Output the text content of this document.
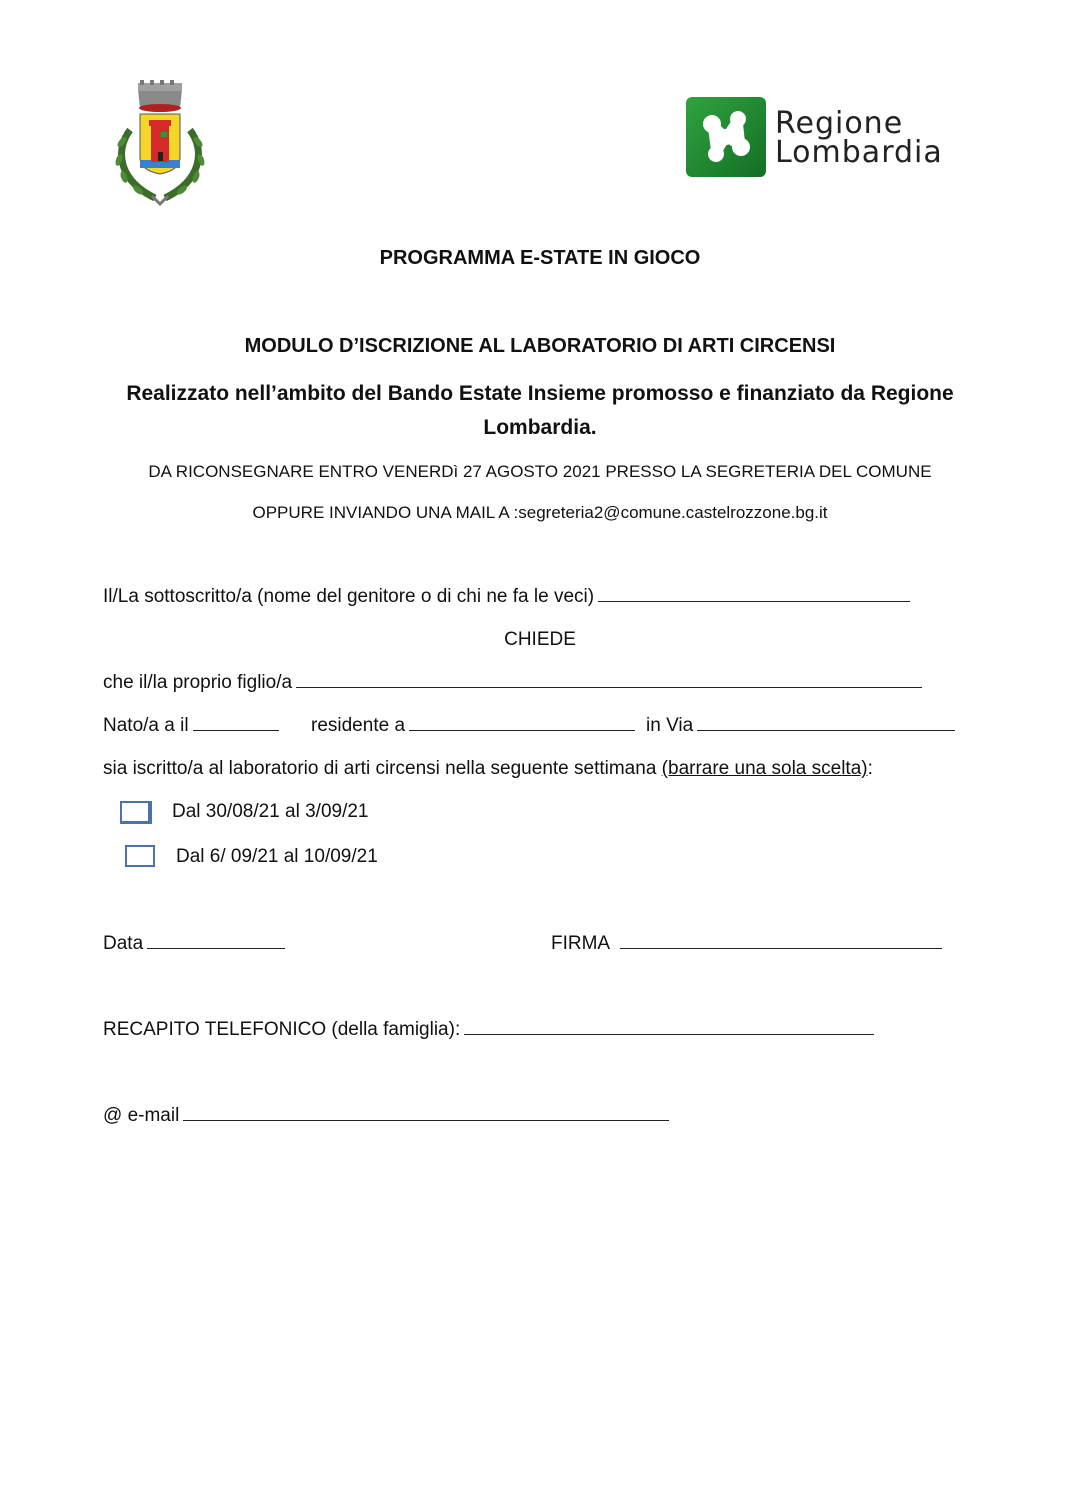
Regione
Lombardia
PROGRAMMA E-STATE IN GIOCO
MODULO D’ISCRIZIONE AL LABORATORIO DI ARTI CIRCENSI
Realizzato nell’ambito del Bando Estate Insieme promosso e finanziato da Regione
Lombardia.
DA RICONSEGNARE ENTRO VENERDì 27 AGOSTO 2021 PRESSO LA SEGRETERIA DEL COMUNE
OPPURE INVIANDO UNA MAIL A :segreteria2@comune.castelrozzone.bg.it
Il/La sottoscritto/a (nome del genitore o di chi ne fa le veci)
CHIEDE
che il/la proprio figlio/a
Nato/a a il	residente a	in Via
sia iscritto/a al laboratorio di arti circensi nella seguente settimana (barrare una sola scelta):
Dal 30/08/21 al 3/09/21
Dal 6/ 09/21 al 10/09/21
Data	FIRMA
RECAPITO TELEFONICO (della famiglia):
@ e-mail
